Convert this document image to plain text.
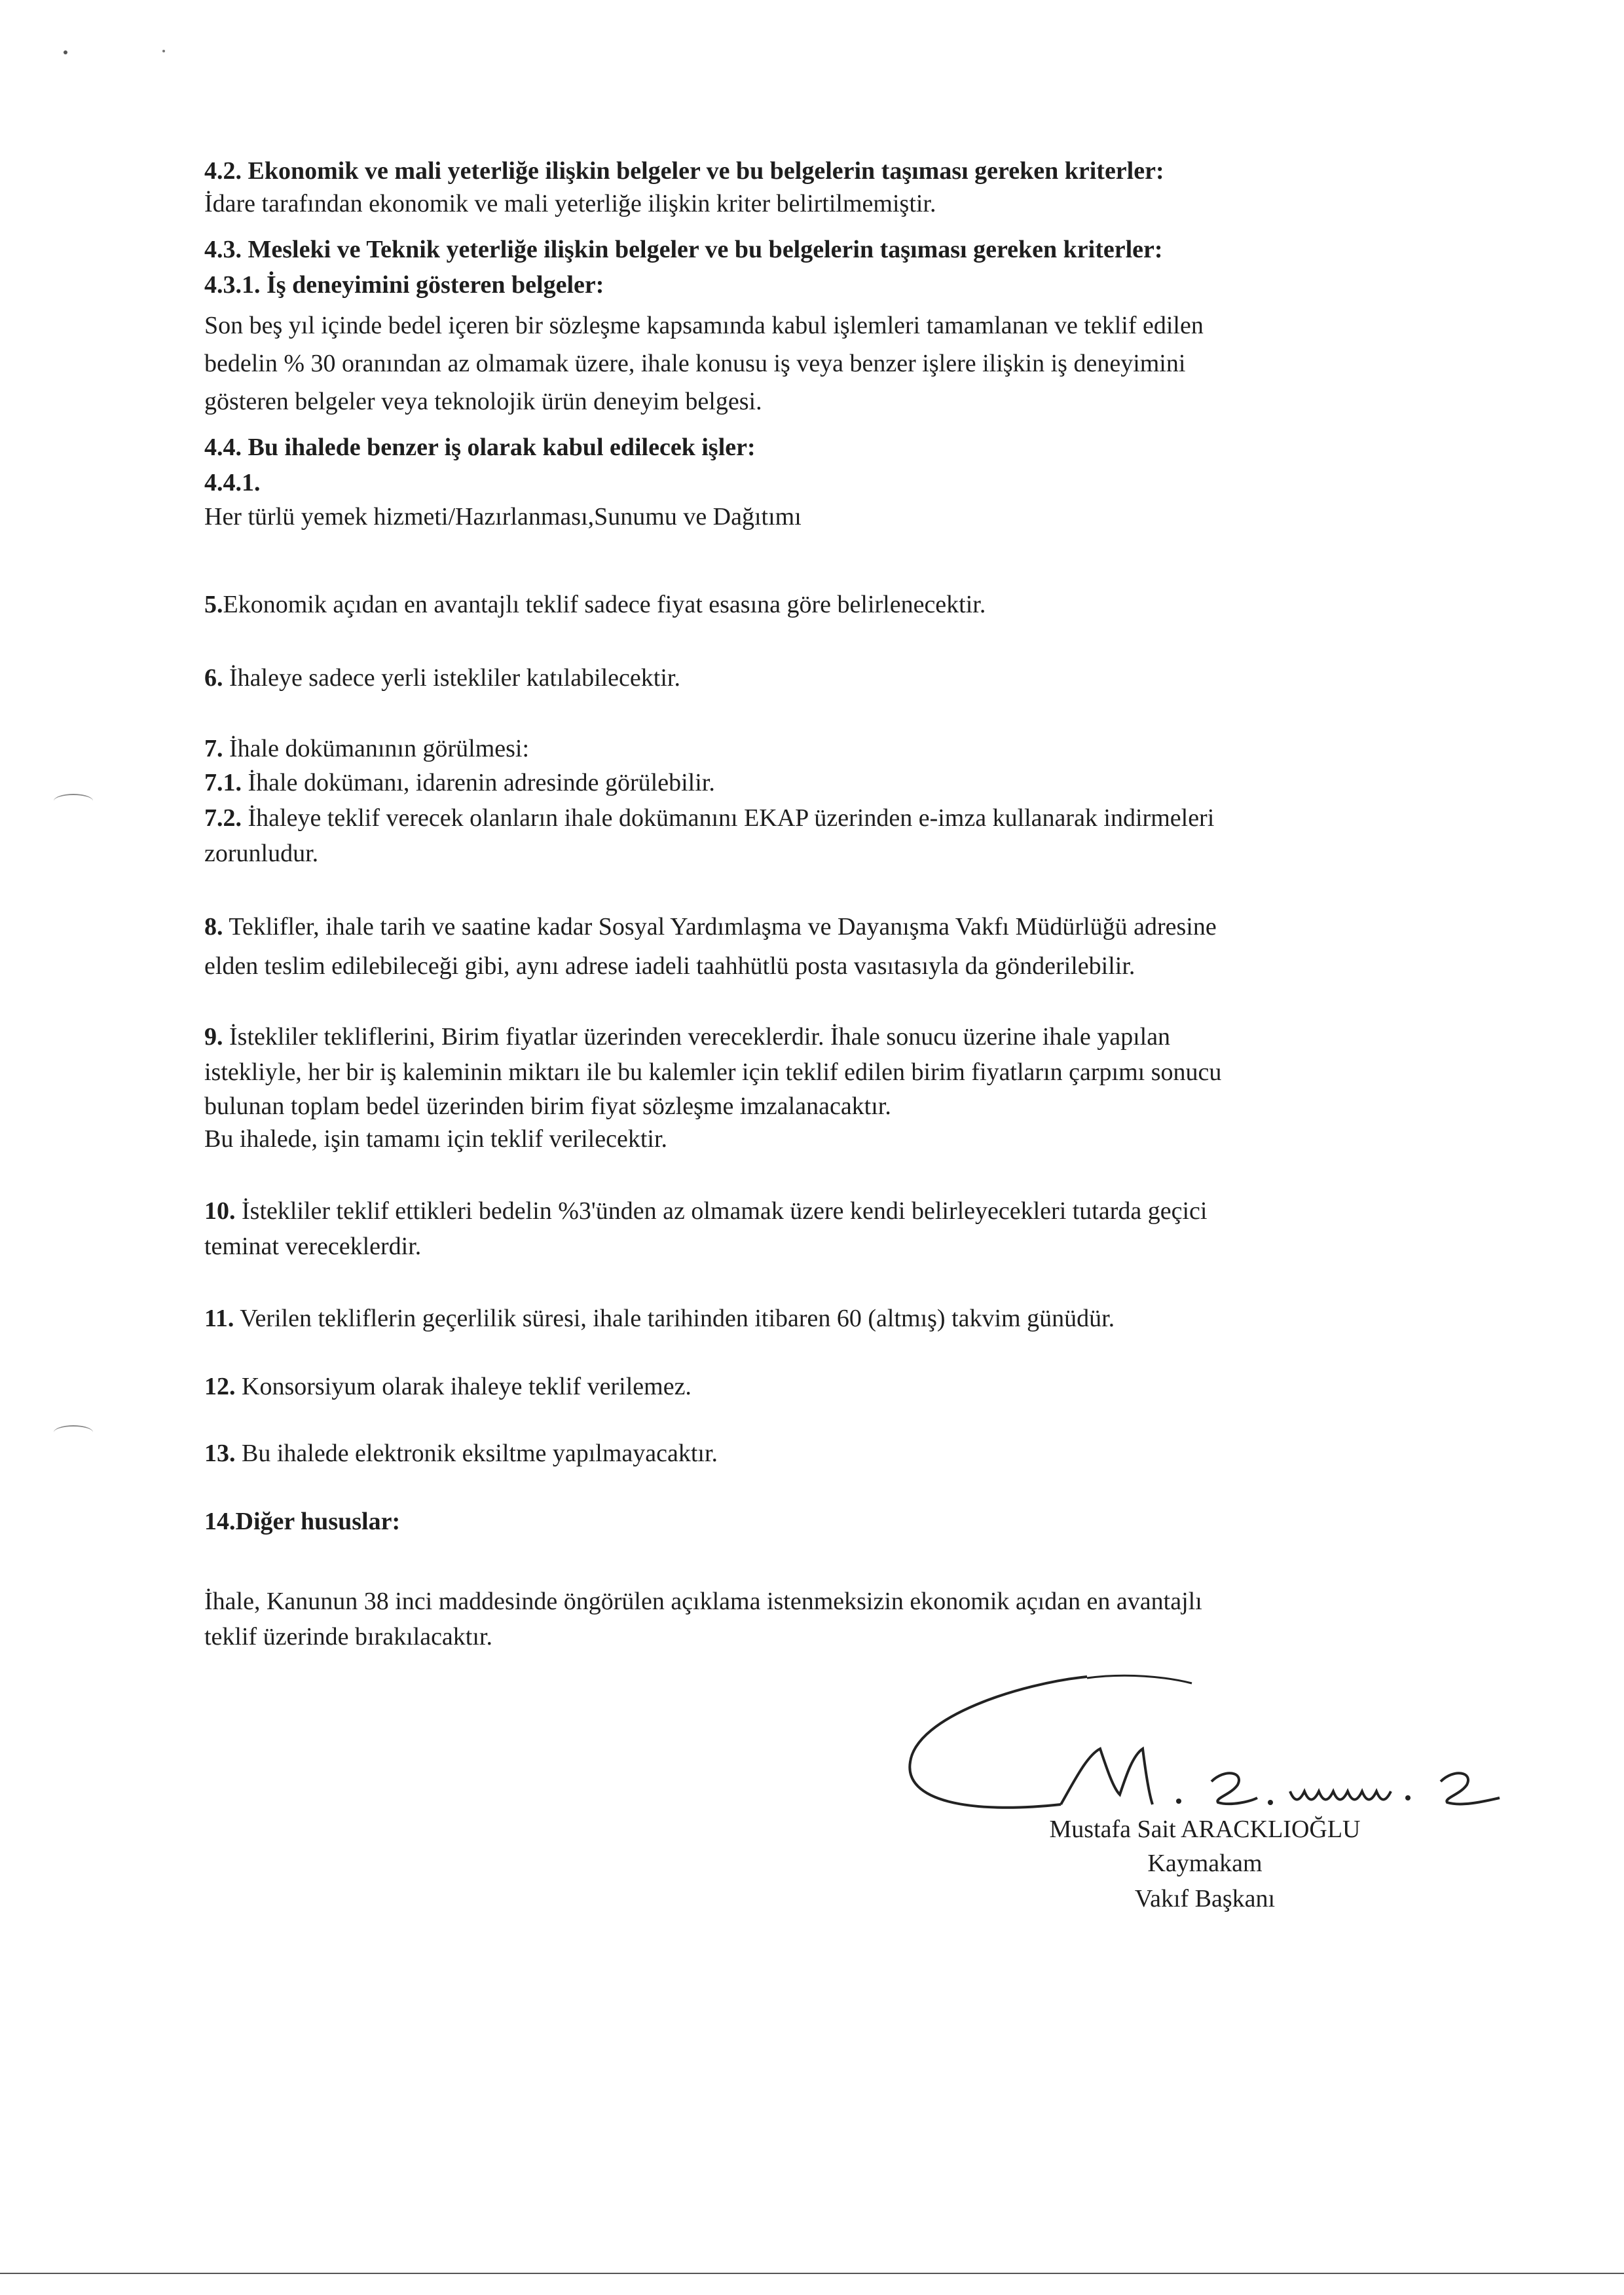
4.2. Ekonomik ve mali yeterliğe ilişkin belgeler ve bu belgelerin taşıması gereken kriterler:
İdare tarafından ekonomik ve mali yeterliğe ilişkin kriter belirtilmemiştir.
4.3. Mesleki ve Teknik yeterliğe ilişkin belgeler ve bu belgelerin taşıması gereken kriterler:
4.3.1. İş deneyimini gösteren belgeler:
Son beş yıl içinde bedel içeren bir sözleşme kapsamında kabul işlemleri tamamlanan ve teklif edilen
bedelin % 30 oranından az olmamak üzere, ihale konusu iş veya benzer işlere ilişkin iş deneyimini
gösteren belgeler veya teknolojik ürün deneyim belgesi.
4.4. Bu ihalede benzer iş olarak kabul edilecek işler:
4.4.1.
Her türlü yemek hizmeti/Hazırlanması,Sunumu ve Dağıtımı
5.Ekonomik açıdan en avantajlı teklif sadece fiyat esasına göre belirlenecektir.
6. İhaleye sadece yerli istekliler katılabilecektir.
7. İhale dokümanının görülmesi:
7.1. İhale dokümanı, idarenin adresinde görülebilir.
7.2. İhaleye teklif verecek olanların ihale dokümanını EKAP üzerinden e-imza kullanarak indirmeleri
zorunludur.
8. Teklifler, ihale tarih ve saatine kadar Sosyal Yardımlaşma ve Dayanışma Vakfı Müdürlüğü adresine
elden teslim edilebileceği gibi, aynı adrese iadeli taahhütlü posta vasıtasıyla da gönderilebilir.
9. İstekliler tekliflerini, Birim fiyatlar üzerinden vereceklerdir. İhale sonucu üzerine ihale yapılan
istekliyle, her bir iş kaleminin miktarı ile bu kalemler için teklif edilen birim fiyatların çarpımı sonucu
bulunan toplam bedel üzerinden birim fiyat sözleşme imzalanacaktır.
Bu ihalede, işin tamamı için teklif verilecektir.
10. İstekliler teklif ettikleri bedelin %3'ünden az olmamak üzere kendi belirleyecekleri tutarda geçici
teminat vereceklerdir.
11. Verilen tekliflerin geçerlilik süresi, ihale tarihinden itibaren 60 (altmış) takvim günüdür.
12. Konsorsiyum olarak ihaleye teklif verilemez.
13. Bu ihalede elektronik eksiltme yapılmayacaktır.
14.Diğer hususlar:
İhale, Kanunun 38 inci maddesinde öngörülen açıklama istenmeksizin ekonomik açıdan en avantajlı
teklif üzerinde bırakılacaktır.
Mustafa Sait ARACKLIOĞLU
Kaymakam
Vakıf Başkanı
